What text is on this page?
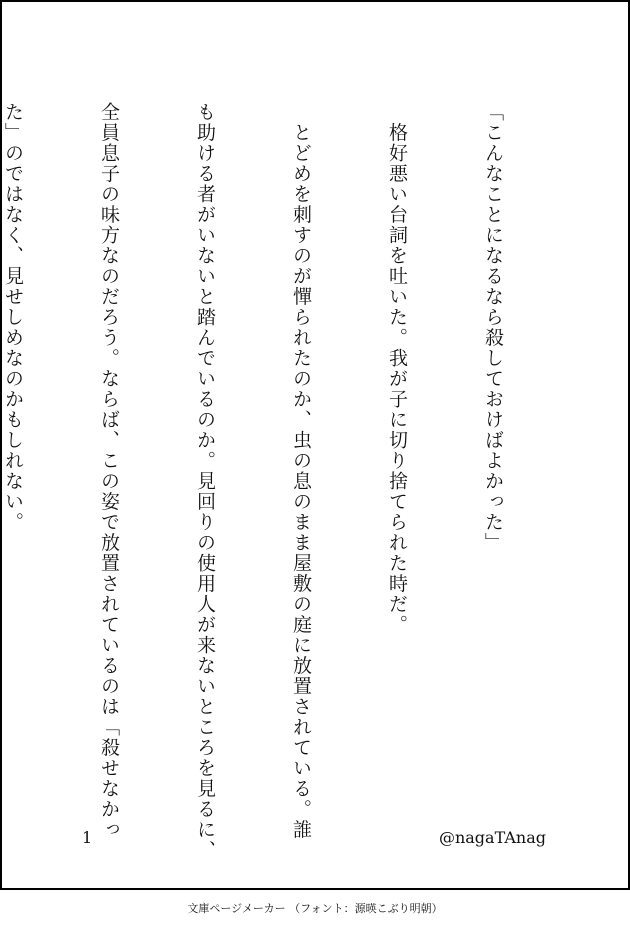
「こんなことになるなら殺しておけばよかった」

　格好悪い台詞を吐いた。我が子に切り捨てられた時だ。

　とどめを刺すのが憚られたのか、虫の息のまま屋敷の庭に放置されている。誰

も助ける者がいないと踏んでいるのか。見回りの使用人が来ないところを見るに、

全員息子の味方なのだろう。ならば、この姿で放置されているのは「殺せなかっ

た」のではなく、見せしめなのかもしれない。

1	@nagaTAnag
文庫ページメーカー （フォント：源暎こぶり明朝）
